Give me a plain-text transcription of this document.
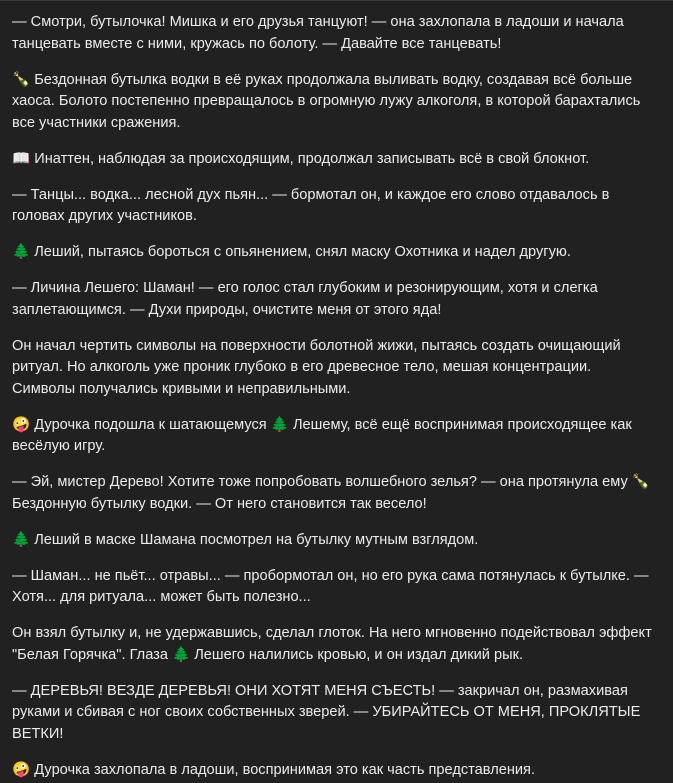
— Смотри, бутылочка! Мишка и его друзья танцуют! — она захлопала в ладоши и начала танцевать вместе с ними, кружась по болоту. — Давайте все танцевать!

🍾 Бездонная бутылка водки в её руках продолжала выливать водку, создавая всё больше хаоса. Болото постепенно превращалось в огромную лужу алкоголя, в которой барахтались все участники сражения.

📖 Инаттен, наблюдая за происходящим, продолжал записывать всё в свой блокнот.

— Танцы... водка... лесной дух пьян... — бормотал он, и каждое его слово отдавалось в головах других участников.

🌲 Леший, пытаясь бороться с опьянением, снял маску Охотника и надел другую.

— Личина Лешего: Шаман! — его голос стал глубоким и резонирующим, хотя и слегка заплетающимся. — Духи природы, очистите меня от этого яда!

Он начал чертить символы на поверхности болотной жижи, пытаясь создать очищающий ритуал. Но алкоголь уже проник глубоко в его древесное тело, мешая концентрации. Символы получались кривыми и неправильными.

🤪 Дурочка подошла к шатающемуся 🌲 Лешему, всё ещё воспринимая происходящее как весёлую игру.

— Эй, мистер Дерево! Хотите тоже попробовать волшебного зелья? — она протянула ему 🍾 Бездонную бутылку водки. — От него становится так весело!

🌲 Леший в маске Шамана посмотрел на бутылку мутным взглядом.

— Шаман... не пьёт... отравы... — пробормотал он, но его рука сама потянулась к бутылке. — Хотя... для ритуала... может быть полезно...

Он взял бутылку и, не удержавшись, сделал глоток. На него мгновенно подействовал эффект "Белая Горячка". Глаза 🌲 Лешего налились кровью, и он издал дикий рык.

— ДЕРЕВЬЯ! ВЕЗДЕ ДЕРЕВЬЯ! ОНИ ХОТЯТ МЕНЯ СЪЕСТЬ! — закричал он, размахивая руками и сбивая с ног своих собственных зверей. — УБИРАЙТЕСЬ ОТ МЕНЯ, ПРОКЛЯТЫЕ ВЕТКИ!

🤪 Дурочка захлопала в ладоши, воспринимая это как часть представления.
